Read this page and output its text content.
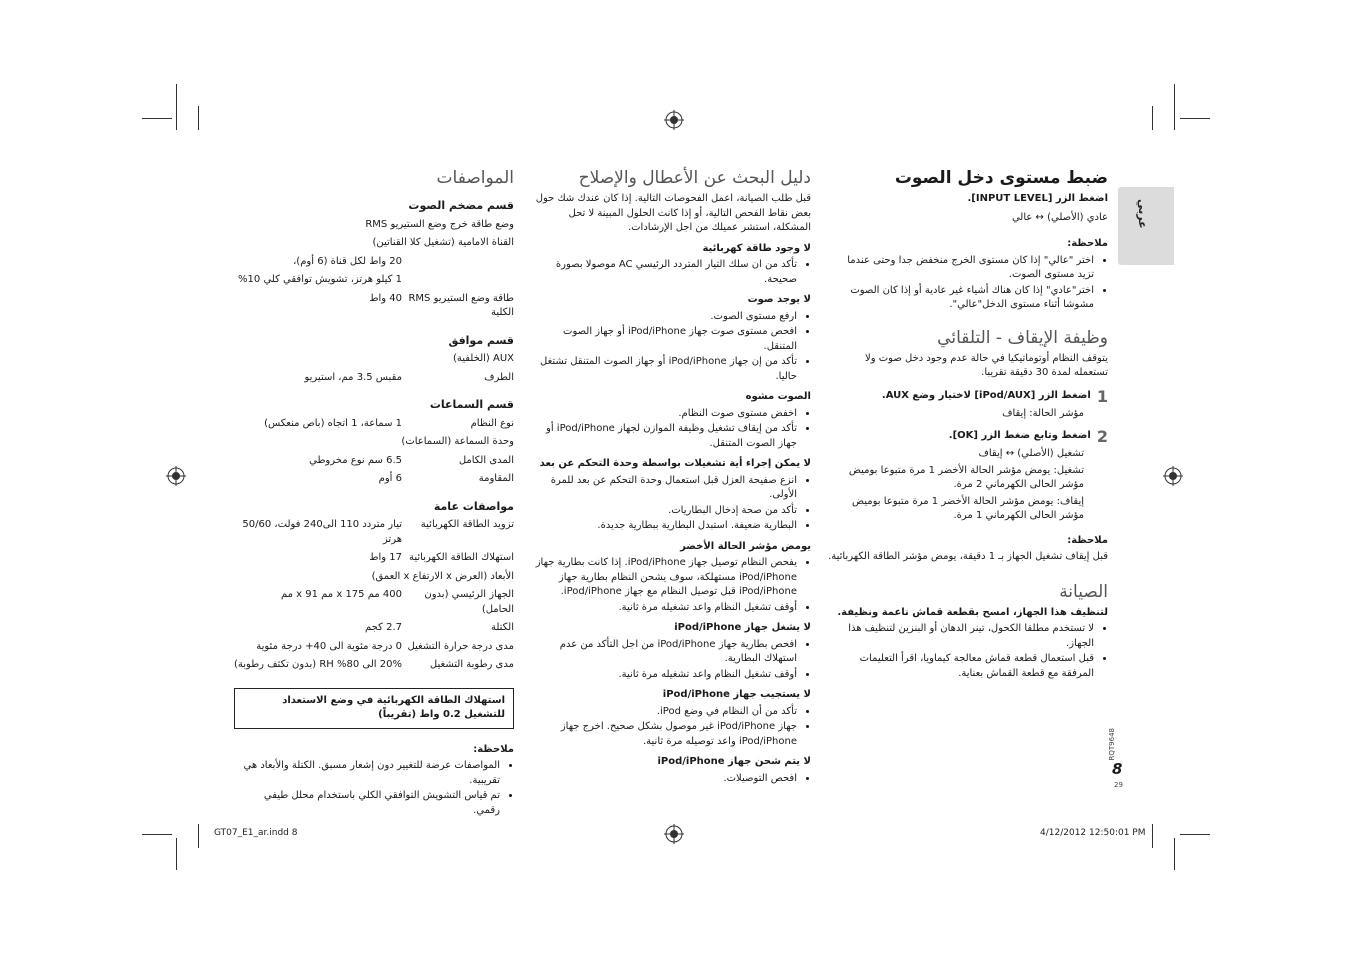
عربي
ضبط مستوى دخل الصوت
اضغط الزر [INPUT LEVEL].
عادي (الأصلي) ↔ عالي
ملاحظة:
• اختر "عالي" إذا كان مستوى الخرج منخفض جدا وحتى عندما تزيد مستوى الصوت.
• اختر"عادي" إذا كان هناك أشياء غير عادية أو إذا كان الصوت مشوشا أثناء مستوى الدخل"عالي".
وظيفة الإيقاف - التلقائي
يتوقف النظام أوتوماتيكيا في حالة عدم وجود دخل صوت ولا تستعمله لمدة 30 دقيقة تقريبا.
1
اضغط الزر [iPod/AUX] لاختيار وضع AUX.
مؤشر الحالة: إيقاف
2
اضغط وتابع ضغط الزر [OK].
تشغيل (الأصلي) ↔ إيقاف
تشغيل: يومض مؤشر الحالة الأخضر 1 مرة متبوعا بوميض مؤشر الحالى الكهرماني 2 مرة.
إيقاف: يومض مؤشر الحالة الأخضر 1 مرة متبوعا بوميض مؤشر الحالى الكهرماني 1 مرة.
ملاحظة:
قبل إيقاف تشغيل الجهاز بـ 1 دقيقة، يومض مؤشر الطاقة الكهربائية.
الصيانة
لتنظيف هذا الجهاز، امسح بقطعة قماش ناعمة ونظيفة.
• لا تستخدم مطلقا الكحول، تينر الدهان أو البنزين لتنظيف هذا الجهاز.
• قبل استعمال قطعة قماش معالجة كيماويا، اقرأ التعليمات المرفقة مع قطعة القماش بعناية.
دليل البحث عن الأعطال والإصلاح
قبل طلب الصيانة، اعمل الفحوصات التالية. إذا كان عندك شك حول بعض نقاط الفحص التالية، أو إذا كانت الحلول المبينة لا تحل المشكلة، استشر عميلك من اجل الإرشادات.
لا وجود طاقة كهربائية
• تأكد من ان سلك التيار المتردد الرئيسي AC موصولا بصورة صحيحة.
لا يوجد صوت
• ارفع مستوى الصوت.
• افحص مستوى صوت جهاز iPod/iPhone أو جهاز الصوت المتنقل.
• تأكد من إن جهاز iPod/iPhone أو جهاز الصوت المتنقل تشتغل حاليا.
الصوت مشوه
• اخفض مستوى صوت النظام.
• تأكد من إيقاف تشغيل وظيفة الموازن لجهاز iPod/iPhone أو جهاز الصوت المتنقل.
لا يمكن إجراء أية تشغيلات بواسطة وحدة التحكم عن بعد
• انزع صفيحة العزل قبل استعمال وحدة التحكم عن بعد للمرة الأولى.
• تأكد من صحة إدخال البطاريات.
• البطارية ضعيفة. استبدل البطارية ببطارية جديدة.
يومض مؤشر الحالة الأخضر
• يفحص النظام توصيل جهاز iPod/iPhone. إذا كانت بطارية جهاز iPod/iPhone مستهلكة، سوف يشحن النظام بطارية جهاز iPod/iPhone قبل توصيل النظام مع جهاز iPod/iPhone.
• أوقف تشغيل النظام واعد تشغيله مرة ثانية.
لا يشغل جهاز iPod/iPhone
• افحص بطارية جهاز iPod/iPhone من اجل التأكد من عدم استهلاك البطارية.
• أوقف تشغيل النظام واعد تشغيله مرة ثانية.
لا يستجيب جهاز iPod/iPhone
• تأكد من أن النظام في وضع iPod.
• جهاز iPod/iPhone غير موصول بشكل صحيح. اخرج جهاز iPod/iPhone واعد توصيله مرة ثانية.
لا يتم شحن جهاز iPod/iPhone
• افحص التوصيلات.
المواصفات
قسم مضخم الصوت
وضع طاقة خرج وضع الستيريو RMS	
القناة الامامية (تشغيل كلا القناتين)	
	20 واط لكل قناة (6 أوم)،
	1 كيلو هرتز، تشويش توافقي كلي 10%
طاقة وضع الستيريو RMS الكلية	40 واط
قسم موافق
AUX (الخلفية)
الطرف	مقبس 3.5 مم، استيريو
قسم السماعات
نوع النظام	1 سماعة، 1 اتجاه (باص منعكس)
وحدة السماعة (السماعات)	
المدى الكامل	6.5 سم نوع مخروطي
المقاومة	6 أوم
مواصفات عامة
تزويد الطاقة الكهربائية	تيار متردد 110 الى240 فولت، 50/60 هرتز
استهلاك الطاقة الكهربائية	17 واط
الأبعاد (العرض x الارتفاع x العمق)	
الجهاز الرئيسي (بدون الحامل)	400 مم x 175 مم x 91 مم
الكتلة	2.7 كجم
مدى درجة حرارة التشغيل	0 درجة مئوية الى 40+ درجة مئوية
مدى رطوبة التشغيل	20% الى 80% RH (بدون تكثف رطوبة)
استهلاك الطاقة الكهربائية في وضع الاستعداد للتشغيل 0.2 واط (تقريباً)
ملاحظة:
• المواصفات عرضة للتغيير دون إشعار مسبق. الكتلة والأبعاد هي تقريبية.
• تم قياس التشويش التوافقي الكلي باستخدام محلل طيفي رقمي.
RQT9648
8
29
GT07_E1_ar.indd 8	4/12/2012 12:50:01 PM
